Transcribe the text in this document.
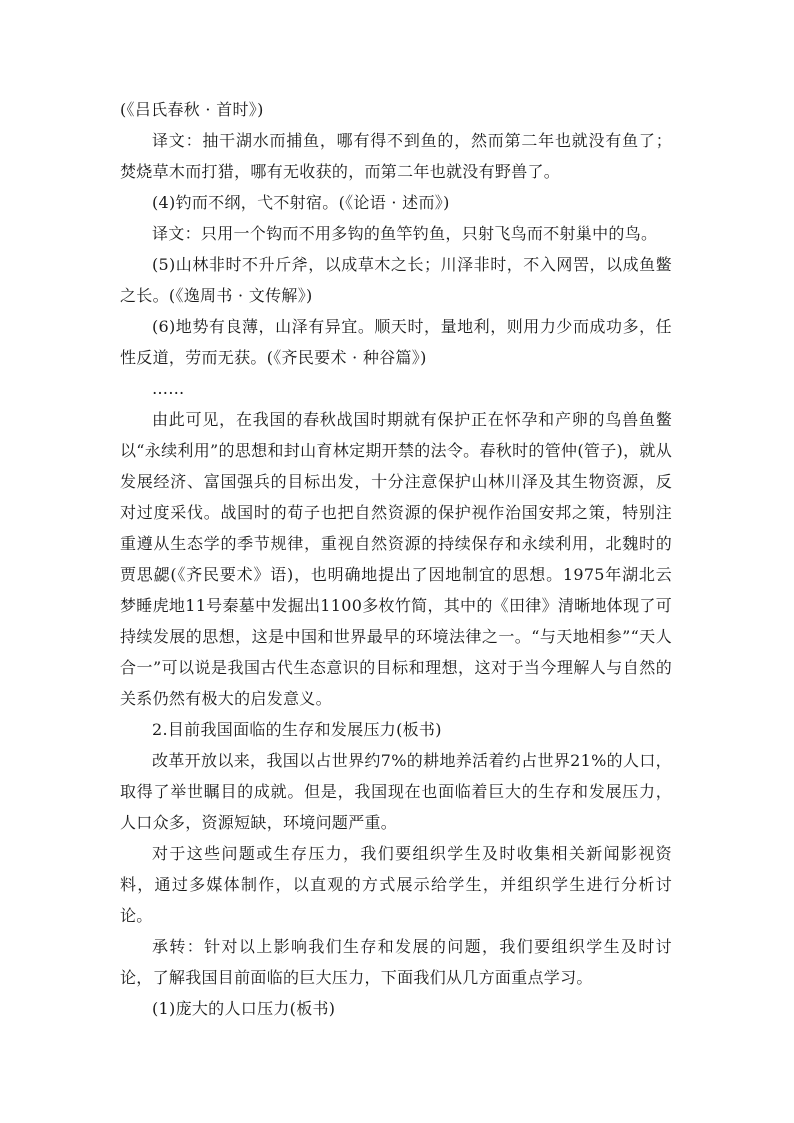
(《吕氏春秋 · 首时》)

译文：抽干湖水而捕鱼，哪有得不到鱼的，然而第二年也就没有鱼了；焚烧草木而打猎，哪有无收获的，而第二年也就没有野兽了。

(4)钓而不纲，弋不射宿。(《论语 · 述而》)

译文：只用一个钩而不用多钩的鱼竿钓鱼，只射飞鸟而不射巢中的鸟。

(5)山林非时不升斤斧，以成草木之长；川泽非时，不入网罟，以成鱼鳖之长。(《逸周书 · 文传解》)

(6)地势有良薄，山泽有异宜。顺天时，量地利，则用力少而成功多，任性反道，劳而无获。(《齐民要术 · 种谷篇》)

……

由此可见，在我国的春秋战国时期就有保护正在怀孕和产卵的鸟兽鱼鳖以“永续利用”的思想和封山育林定期开禁的法令。春秋时的管仲(管子)，就从发展经济、富国强兵的目标出发，十分注意保护山林川泽及其生物资源，反对过度采伐。战国时的荀子也把自然资源的保护视作治国安邦之策，特别注重遵从生态学的季节规律，重视自然资源的持续保存和永续利用，北魏时的贾思勰(《齐民要术》语)，也明确地提出了因地制宜的思想。1975年湖北云梦睡虎地11号秦墓中发掘出1100多枚竹简，其中的《田律》清晰地体现了可持续发展的思想，这是中国和世界最早的环境法律之一。“与天地相参”“天人合一”可以说是我国古代生态意识的目标和理想，这对于当今理解人与自然的关系仍然有极大的启发意义。

2.目前我国面临的生存和发展压力(板书)

改革开放以来，我国以占世界约7%的耕地养活着约占世界21%的人口，取得了举世瞩目的成就。但是，我国现在也面临着巨大的生存和发展压力，人口众多，资源短缺，环境问题严重。

对于这些问题或生存压力，我们要组织学生及时收集相关新闻影视资料，通过多媒体制作，以直观的方式展示给学生，并组织学生进行分析讨论。

承转：针对以上影响我们生存和发展的问题，我们要组织学生及时讨论，了解我国目前面临的巨大压力，下面我们从几方面重点学习。

(1)庞大的人口压力(板书)
